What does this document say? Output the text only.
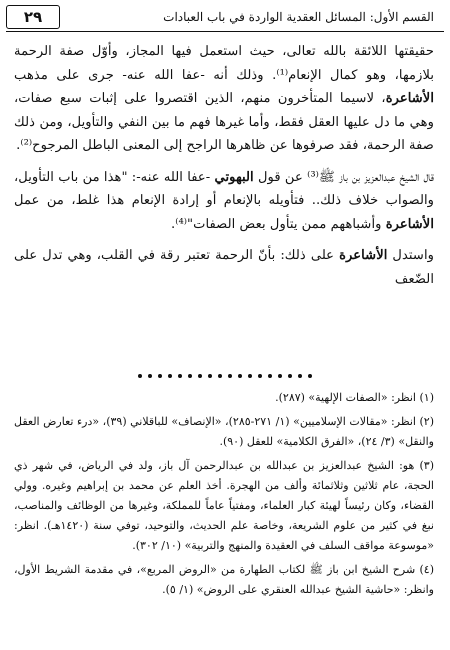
القسم الأول: المسائل العقدية الواردة في باب العبادات
٢٩

حقيقتها اللائقة بالله تعالى، حيث استعمل فيها المجاز، وأوّل صفة الرحمة بلازمها، وهو كمال الإنعام⁽¹⁾. وذلك أنه -عفا الله عنه- جرى على مذهب الأشاعرة، لاسيما المتأخرون منهم، الذين اقتصروا على إثبات سبع صفات، وهي ما دل عليها العقل فقط، وأما غيرها فهم ما بين النفي والتأويل، ومن ذلك صفة الرحمة، فقد صرفوها عن ظاهرها الراجح إلى المعنى الباطل المرجوح⁽²⁾.

قال الشيخ عبدالعزيز بن باز ﷺ⁽³⁾ عن قول البهوتي -عفا الله عنه-: "هذا من باب التأويل، والصواب خلاف ذلك.. فتأويله بالإنعام أو إرادة الإنعام هذا غلط، من عمل الأشاعرة وأشباههم ممن يتأول بعض الصفات"⁽⁴⁾.

واستدل الأشاعرة على ذلك: بأنّ الرحمة تعتبر رقة في القلب، وهي تدل على الضّعف

(١) انظر: «الصفات الإلهية» (٢٨٧).

(٢) انظر: «مقالات الإسلاميين» (١/ ٢٧١-٢٨٥)، «الإنصاف» للباقلاني (٣٩)، «درء تعارض العقل والنقل» (٣/ ٢٤)، «الفرق الكلامية» للعقل (٩٠).

(٣) هو: الشيخ عبدالعزيز بن عبدالله بن عبدالرحمن آل باز، ولد في الرياض، في شهر ذي الحجة، عام ثلاثين وثلاثمائة وألف من الهجرة. أخذ العلم عن محمد بن إبراهيم وغيره. وولي القضاء، وكان رئيساً لهيئة كبار العلماء، ومفتياً عاماً للمملكة، وغيرها من الوظائف والمناصب، نبغ في كثير من علوم الشريعة، وخاصة علم الحديث، والتوحيد، توفي سنة (١٤٢٠هـ). انظر: «موسوعة مواقف السلف في العقيدة والمنهج والتربية» (١٠/ ٣٠٢).

(٤) شرح الشيخ ابن باز ﷺ لكتاب الطهارة من «الروض المربع»، في مقدمة الشريط الأول، وانظر: «حاشية الشيخ عبدالله العنقري على الروض» (١/ ٥).
